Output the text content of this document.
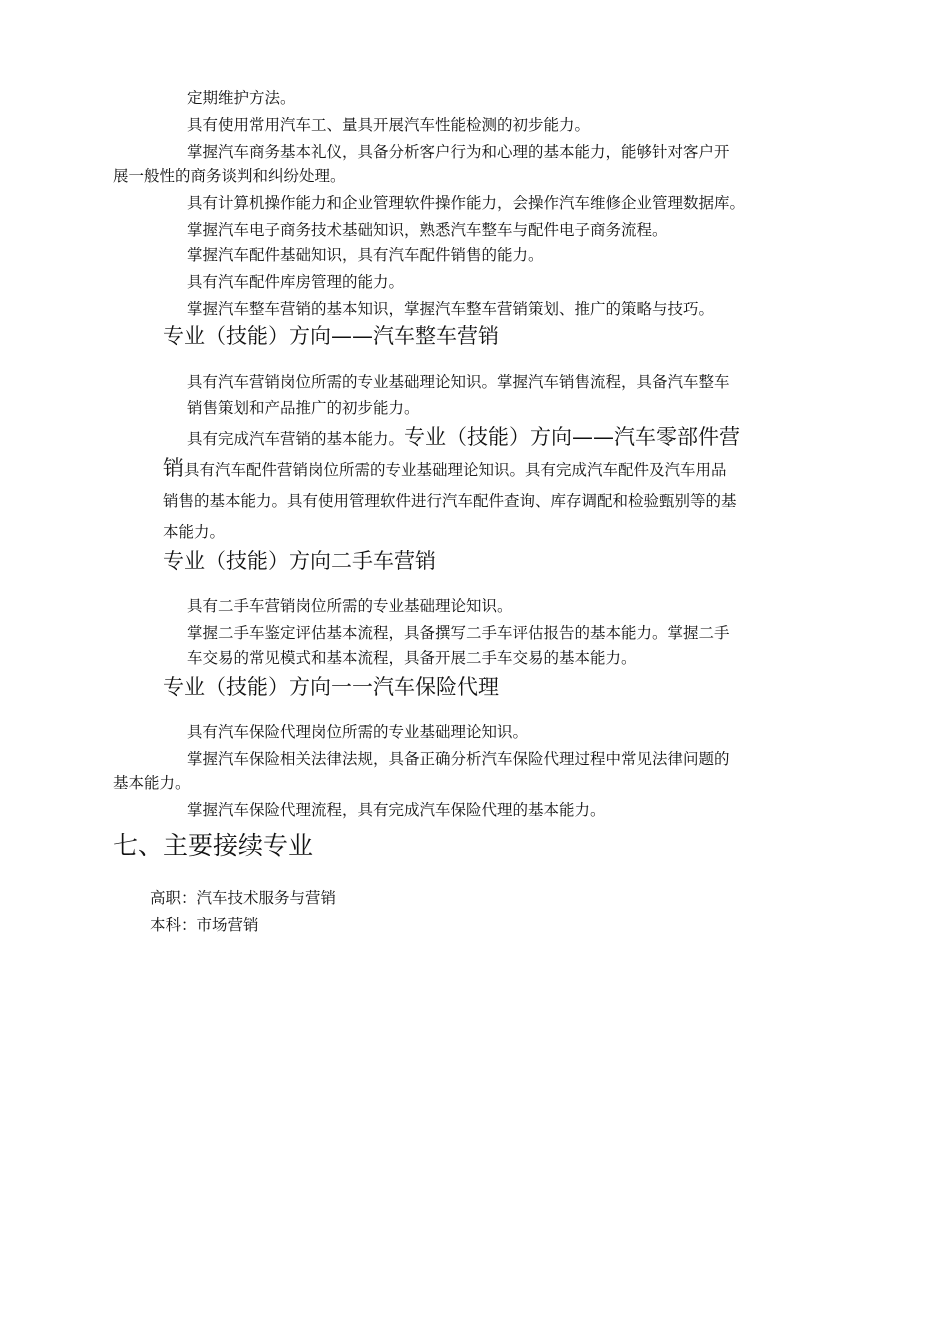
定期维护方法。
具有使用常用汽车工、量具开展汽车性能检测的初步能力。
掌握汽车商务基本礼仪，具备分析客户行为和心理的基本能力，能够针对客户开
展一般性的商务谈判和纠纷处理。
具有计算机操作能力和企业管理软件操作能力，会操作汽车维修企业管理数据库。
掌握汽车电子商务技术基础知识，熟悉汽车整车与配件电子商务流程。
掌握汽车配件基础知识，具有汽车配件销售的能力。
具有汽车配件库房管理的能力。
掌握汽车整车营销的基本知识，掌握汽车整车营销策划、推广的策略与技巧。
专业（技能）方向——汽车整车营销
具有汽车营销岗位所需的专业基础理论知识。掌握汽车销售流程，具备汽车整车
销售策划和产品推广的初步能力。
具有完成汽车营销的基本能力。专业（技能）方向——汽车零部件营
销具有汽车配件营销岗位所需的专业基础理论知识。具有完成汽车配件及汽车用品
销售的基本能力。具有使用管理软件进行汽车配件查询、库存调配和检验甄别等的基
本能力。
专业（技能）方向二手车营销
具有二手车营销岗位所需的专业基础理论知识。
掌握二手车鉴定评估基本流程，具备撰写二手车评估报告的基本能力。掌握二手
车交易的常见模式和基本流程，具备开展二手车交易的基本能力。
专业（技能）方向一一汽车保险代理
具有汽车保险代理岗位所需的专业基础理论知识。
掌握汽车保险相关法律法规，具备正确分析汽车保险代理过程中常见法律问题的
基本能力。
掌握汽车保险代理流程，具有完成汽车保险代理的基本能力。
七、主要接续专业
高职：汽车技术服务与营销
本科：市场营销
